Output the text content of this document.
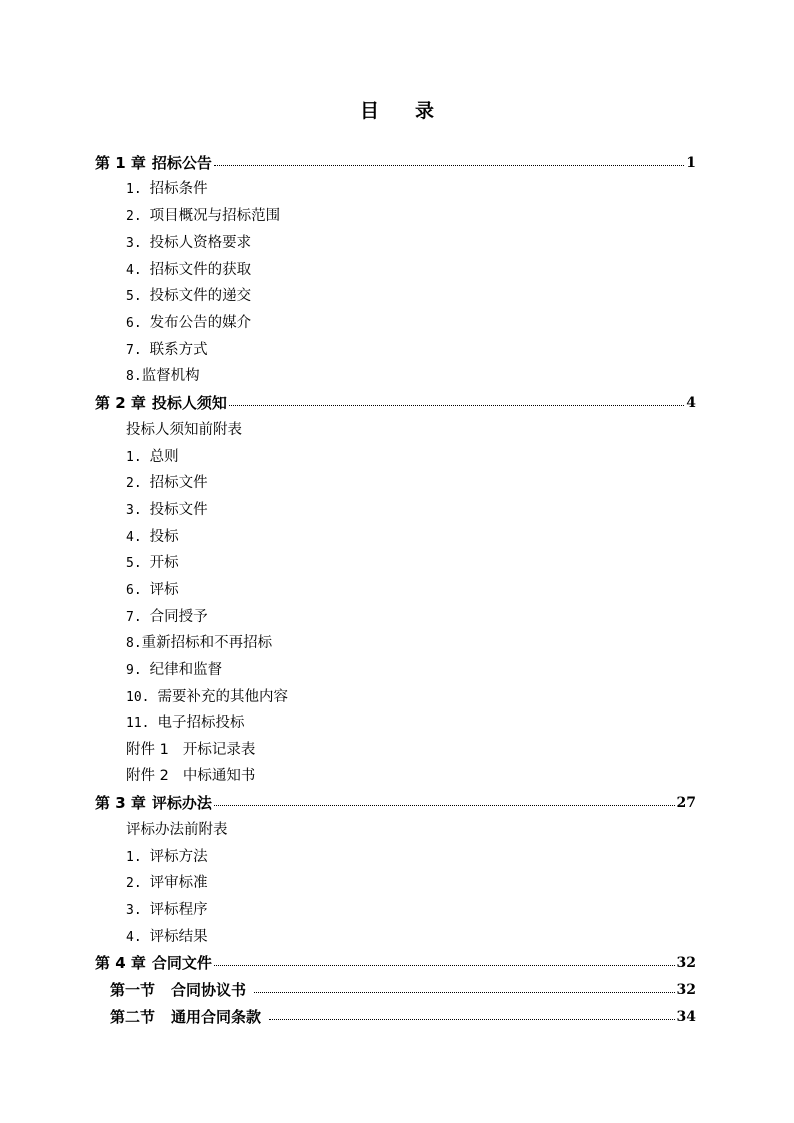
目 录
第 1 章 招标公告	1
1. 招标条件
2. 项目概况与招标范围
3. 投标人资格要求
4. 招标文件的获取
5. 投标文件的递交
6. 发布公告的媒介
7. 联系方式
8.监督机构
第 2 章 投标人须知	4
投标人须知前附表
1. 总则
2. 招标文件
3. 投标文件
4. 投标
5. 开标
6. 评标
7. 合同授予
8.重新招标和不再招标
9. 纪律和监督
10. 需要补充的其他内容
11. 电子招标投标
附件 1 开标记录表
附件 2 中标通知书
第 3 章 评标办法	27
评标办法前附表
1. 评标方法
2. 评审标准
3. 评标程序
4. 评标结果
第 4 章 合同文件	32
第一节 合同协议书	32
第二节 通用合同条款	34
